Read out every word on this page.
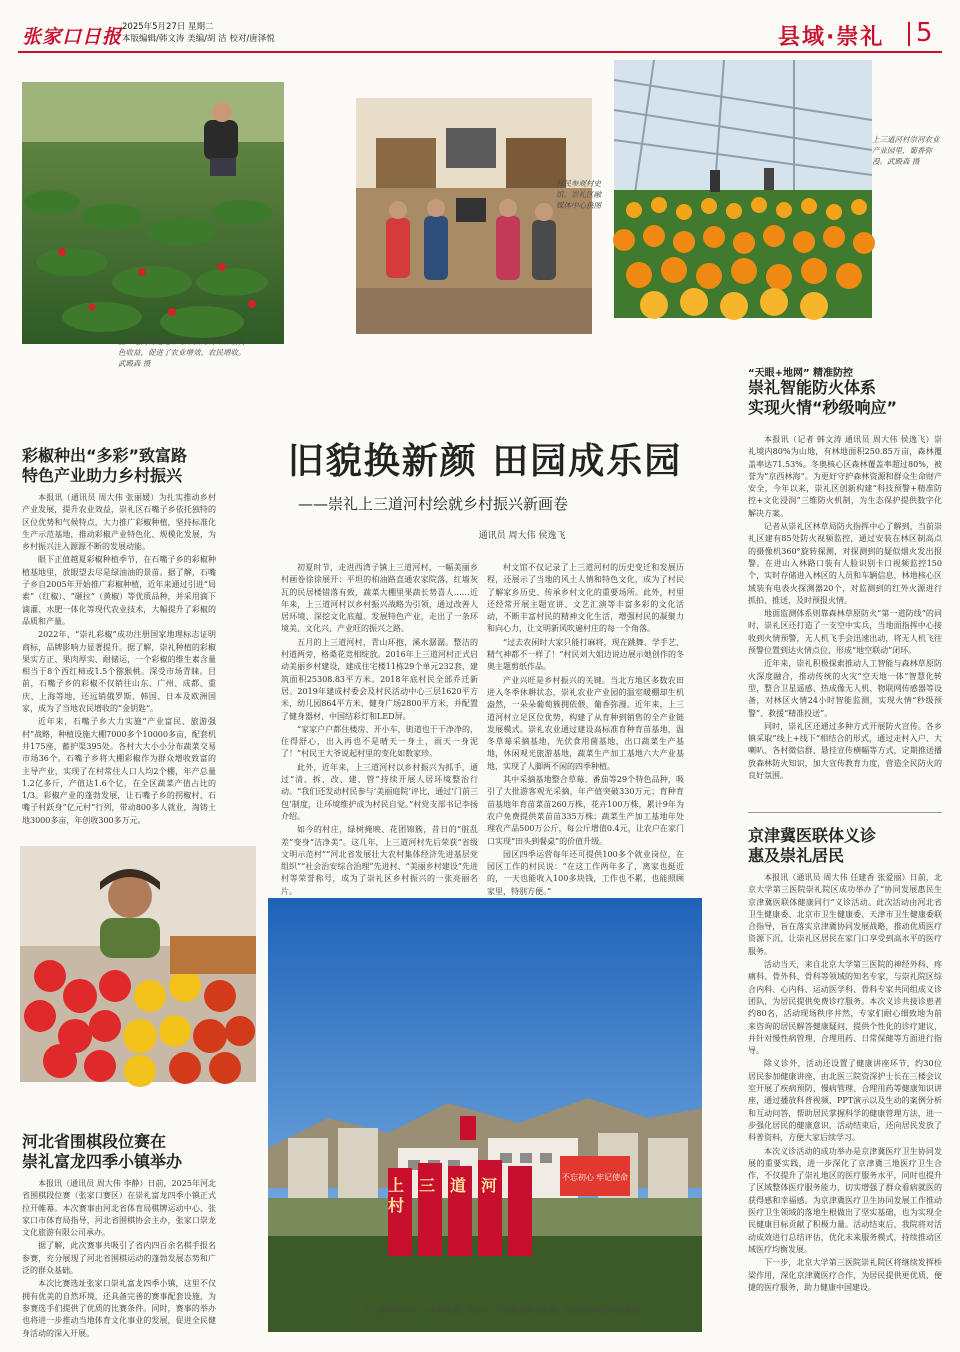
张家口日报 2025年5月27日 星期二
本版编辑/韩文涛 美编/胡 洁 校对/唐泽悦	县域·崇礼 5
上三道河村通过草莓采摘为村集体创特色收益，促进了农业增效、农民增收。武殿森 摄
村民参观村史馆。崇礼区融媒体中心供图
上三道河村崇河农业产业园里，葡香弥漫。武殿森 摄
旧貌换新颜 田园成乐园
——崇礼上三道河村绘就乡村振兴新画卷
通讯员 周大伟 侯逸飞

初夏时节，走进西湾子镇上三道河村，一幅美丽乡村画卷徐徐展开：平坦的柏油路直通农家院落，红墙灰瓦的民居楼错落有致，蔬菜大棚里果蔬长势喜人……近年来，上三道河村以乡村振兴战略为引领，通过改善人居环境、深挖文化底蕴、发展特色产业，走出了一条环境美、文化兴、产业旺的振兴之路。

五月的上三道河村，青山环抱，溪水潺潺。整洁的村道两旁，格桑花竞相绽放。2016年上三道河村正式启动美丽乡村建设，建成住宅楼11栋29个单元232套，建筑面积25308.83平方米。2018年底村民全部乔迁新居。2019年建成村委会及村民活动中心三层1620平方米，幼儿园864平方米，健身广场2800平方米，并配置了健身器材、中国结彩灯和LED屏。

“家家户户都住楼房、开小车，街道也干干净净的，住得舒心，出入再也不是晴天一身土，雨天一身泥了！”村民王大爷说起村里的变化如数家珍。

此外，近年来，上三道河村以乡村振兴为抓手，通过“清、拆、改、建、管”持续开展人居环境整治行动。“我们还发动村民参与‘美丽庭院’评比，通过‘门前三包’制度，让环境维护成为村民自觉。”村党支部书记李扬介绍。

如今的村庄，绿树掩映、花团锦簇，昔日的“脏乱差”变身“洁净美”。这几年，上三道河村先后荣获“省级文明示范村”“河北省发展壮大农村集体经济先进基层党组织”“社会治安综合治理”先进村、“美丽乡村建设”先进村等荣誉称号，成为了崇礼区乡村振兴的一张亮丽名片。

村文馆不仅记录了上三道河村的历史变迁和发展历程，还展示了当地的风土人情和特色文化，成为了村民了解家乡历史、传承乡村文化的重要场所。此外，村里还经常开展主题宣讲、文艺汇演等丰富多彩的文化活动，不断丰富村民的精神文化生活，增强村民的凝聚力和向心力，让文明新风吹遍村庄的每一个角落。

“过去农闲时大家只能打麻将，现在跳舞、学手艺，精气神都不一样了！”村民刘大姐边说边展示她创作的冬奥主题剪纸作品。

产业兴旺是乡村振兴的关键。当北方地区多数农田进入冬季休耕状态，崇礼农业产业园的温室暖棚却生机盎然，一朵朵葡萄簇拥依偎，葡香弥漫。近年来，上三道河村立足区位优势，构建了从育种到销售的全产业链发展模式。崇礼农业通过建设高标准育种育苗基地，温冬草莓采摘基地，光伏食用菌基地，出口蔬菜生产基地，休闲观光旅游基地，蔬菜生产加工基地六大产业基地，实现了人脚两不闲的四季种植。

其中采摘基地整合草莓、番茄等29个特色品种，吸引了大批游客观光采摘，年产值突破330万元；育种育苗基地年育苗菜苗260万株，花卉100万株，累计9年为农户免费提供菜苗苗335万株；蔬菜生产加工基地年处理农产品500万公斤，每公斤增值0.4元，让农户在家门口实现“田头到餐桌”的价值升级。

园区四季运营每年还可提供100多个就业岗位，在园区工作的村民说：“在这工作两年多了，离家也挺近的，一天也能收入100多块钱，工作也不累，也能照顾家里，特别方便。”

不忘初心 牢记使命
上三道河村
上三道河村走出了一条环境美、文化兴、产业旺的振兴之路。崇礼区融媒体中心供图
彩椒种出“多彩”致富路
特色产业助力乡村振兴

本报讯（通讯员 周大伟 张丽媛）为扎实推动乡村产业发展，提升农业效益，崇礼区石嘴子乡依托独特的区位优势和气候特点，大力推广彩椒种植，坚持标准化生产示范基地，推动彩椒产业特色化、规模化发展，为乡村振兴注入源源不断的发展动能。

眼下正值越夏彩椒种植季节，在石嘴子乡的彩椒种植基地里，放眼望去尽是绿油油的景苗。据了解，石嘴子乡自2005年开始推广彩椒种植，近年来通过引进“局索”（红椒）、“砸拉”（黄椒）等优质品种，并采用滴下滴灌、水肥一体化等现代农业技术，大幅提升了彩椒的品质和产量。

2022年，“崇礼彩椒”成功注册国家地理标志证明商标，品牌影响力显著提升。据了解，崇礼种植的彩椒果实方正、果肉厚实、耐储运，一个彩椒的维生素含量相当于8个西红柿或1.5个猕猴桃。深受市场青睐。目前，石嘴子乡的彩椒不仅销往山东、广州、成都、重庆、上海等地，还远销俄罗斯、韩国、日本及欧洲国家，成为了当地农民增收的“金钥匙”。

近年来，石嘴子乡大力实施“产业富民、旅游强村”战略，种植设施大棚7000多个10000多亩，配套机井175座，蓄护渠395处。各村大大小小分布蔬菜交易市场36个。石嘴子乡将大棚彩椒作为群众增收致富的主导产业，实现了在村常住人口人均2个棚，年产总量1.2亿多斤，产值达1.6个亿，在全区蔬菜产值占比的1/3。彩椒产业的蓬勃发展，让石嘴子乡的拐椒村、石嘴子村跃身“亿元村”行列，带动800多人就业，淘铸土地3000多亩，年创收300多万元。

河北省围棋段位赛在
崇礼富龙四季小镇举办

本报讯（通讯员 周大伟 李静）日前，2025年河北省围棋段位赛（张家口赛区）在崇礼富龙四季小镇正式拉开帷幕。本次赛事由河北省体育局棋牌运动中心、张家口市体育局指导，河北省围棋协会主办，张家口崇龙文化旅游有限公司承办。

据了解，此次赛事共吸引了省内四百余名棋手报名参赛，充分展现了河北省围棋运动的蓬勃发展态势和广泛的群众基础。

本次比赛选址张家口崇礼富龙四季小镇，这里不仅拥有优美的自然环境，还具备完善的赛事配套设施，为参赛选手们提供了优质的比赛条件。同时，赛事的举办也将进一步推动当地体育文化事业的发展，促进全民健身活动的深入开展。

“天眼+地网” 精准防控
崇礼智能防火体系
实现火情“秒级响应”

本报讯（记者 韩文涛 通讯员 周大伟 侯逸飞）崇礼境内80%为山地，有林地面积250.85万亩，森林覆盖率达71.53%。冬奥核心区森林覆盖率超过80%，被誉为“京西林海”。为更好守护森林资源和群众生命财产安全，今年以来，崇礼区创新构建“科技预警+精准防控+文化浸润”三维防火机制，为生态保护提供数字化解决方案。

记者从崇礼区林草局防火指挥中心了解到，当前崇礼区建有85处防火视频监控，通过安装在林区制高点的摄像机360°旋转探测，对探测到的疑似烟火发出报警。在进山入林路口装有人脸识别卡口视频监控150个，实时存储进入林区的人员和车辆信息，林地核心区域装有电表火探测器20个，对监测到的红外火源进行抓拍、推送，及时预报火情。

地面监测体系则靠森林草原防火“第一道防线”的同时，崇礼区还打造了一支空中实兵，当地面指挥中心接收到火情预警，无人机飞手会迅速出动，将无人机飞往预警位置到达火情点位，形成“地空联动”闭环。

近年来，崇礼积极探索推动人工智能与森林草原防火深度融合，推动传统的火灾“空天地一体”智慧化转型，整合卫星遥感、热成像无人机、物联网传感器等设备，对林区火情24小时智能监测，实现火情“秒级预警”、救援“精准投送”。

同时，崇礼区还通过多种方式开展防火宣传。各乡镇采取“线上+线下”相结合的形式，通过走村入户、大喇叭、各村微信群、悬挂宣传横幅等方式，定期推送播放森林防火知识，加大宣传教育力度，营造全民防火的良好氛围。

京津冀医联体义诊
惠及崇礼居民

本报讯（通讯员 周大伟 任建香 张爱丽）日前，北京大学第三医院崇礼院区成功举办了“协同发展惠民生 京津冀医联体健康同行”义诊活动。此次活动由河北省卫生健康委、北京市卫生健康委、天津市卫生健康委联合指导，旨在落实京津冀协同发展战略，推动优质医疗资源下沉，让崇礼区居民在家门口享受到高水平的医疗服务。

活动当天，来自北京大学第三医院的神经外科、疼痛科、骨外科、骨科等领域的知名专家，与崇礼院区综合内科、心内科、运动医学科、骨科专家共同组成义诊团队，为居民提供免费诊疗服务。本次义诊共接诊患者约80名，活动现场秩序井然，专家们耐心细致地为前来咨询的居民解答健康疑问，提供个性化的诊疗建议，并针对慢性病管理、合理用药、日常保健等方面进行指导。

除义诊外，活动还设置了健康讲座环节，约30位居民参加健康讲座，由北医三院资深护士长在三楼会议室开展了疾病预防、慢病管理、合理用药等健康知识讲座，通过播放科普视频、PPT演示以及生动的案例分析和互动问答，帮助居民掌握科学的健康管理方法，进一步强化居民的健康意识，活动结束后，还向居民发放了科普资料，方便大家后续学习。

本次义诊活动的成功举办是京津冀医疗卫生协同发展的重要实践，进一步深化了京津冀三地医疗卫生合作，不仅提升了崇礼地区的医疗服务水平，同时也提升了区域整体医疗服务能力，切实增强了群众看病就医的获得感和幸福感。为京津冀医疗卫生协同发展工作推动医疗卫生领域的落地生根做出了坚实基础，也为实现全民健康目标贡献了积极力量。活动结束后，我院将对活动成效进行总结评估，优化未来服务模式，持续推动区域医疗均衡发展。

下一步，北京大学第三医院崇礼院区将继续发挥桥梁作用，深化京津冀医疗合作，为居民提供更优质、便捷的医疗服务，助力健康中国建设。
